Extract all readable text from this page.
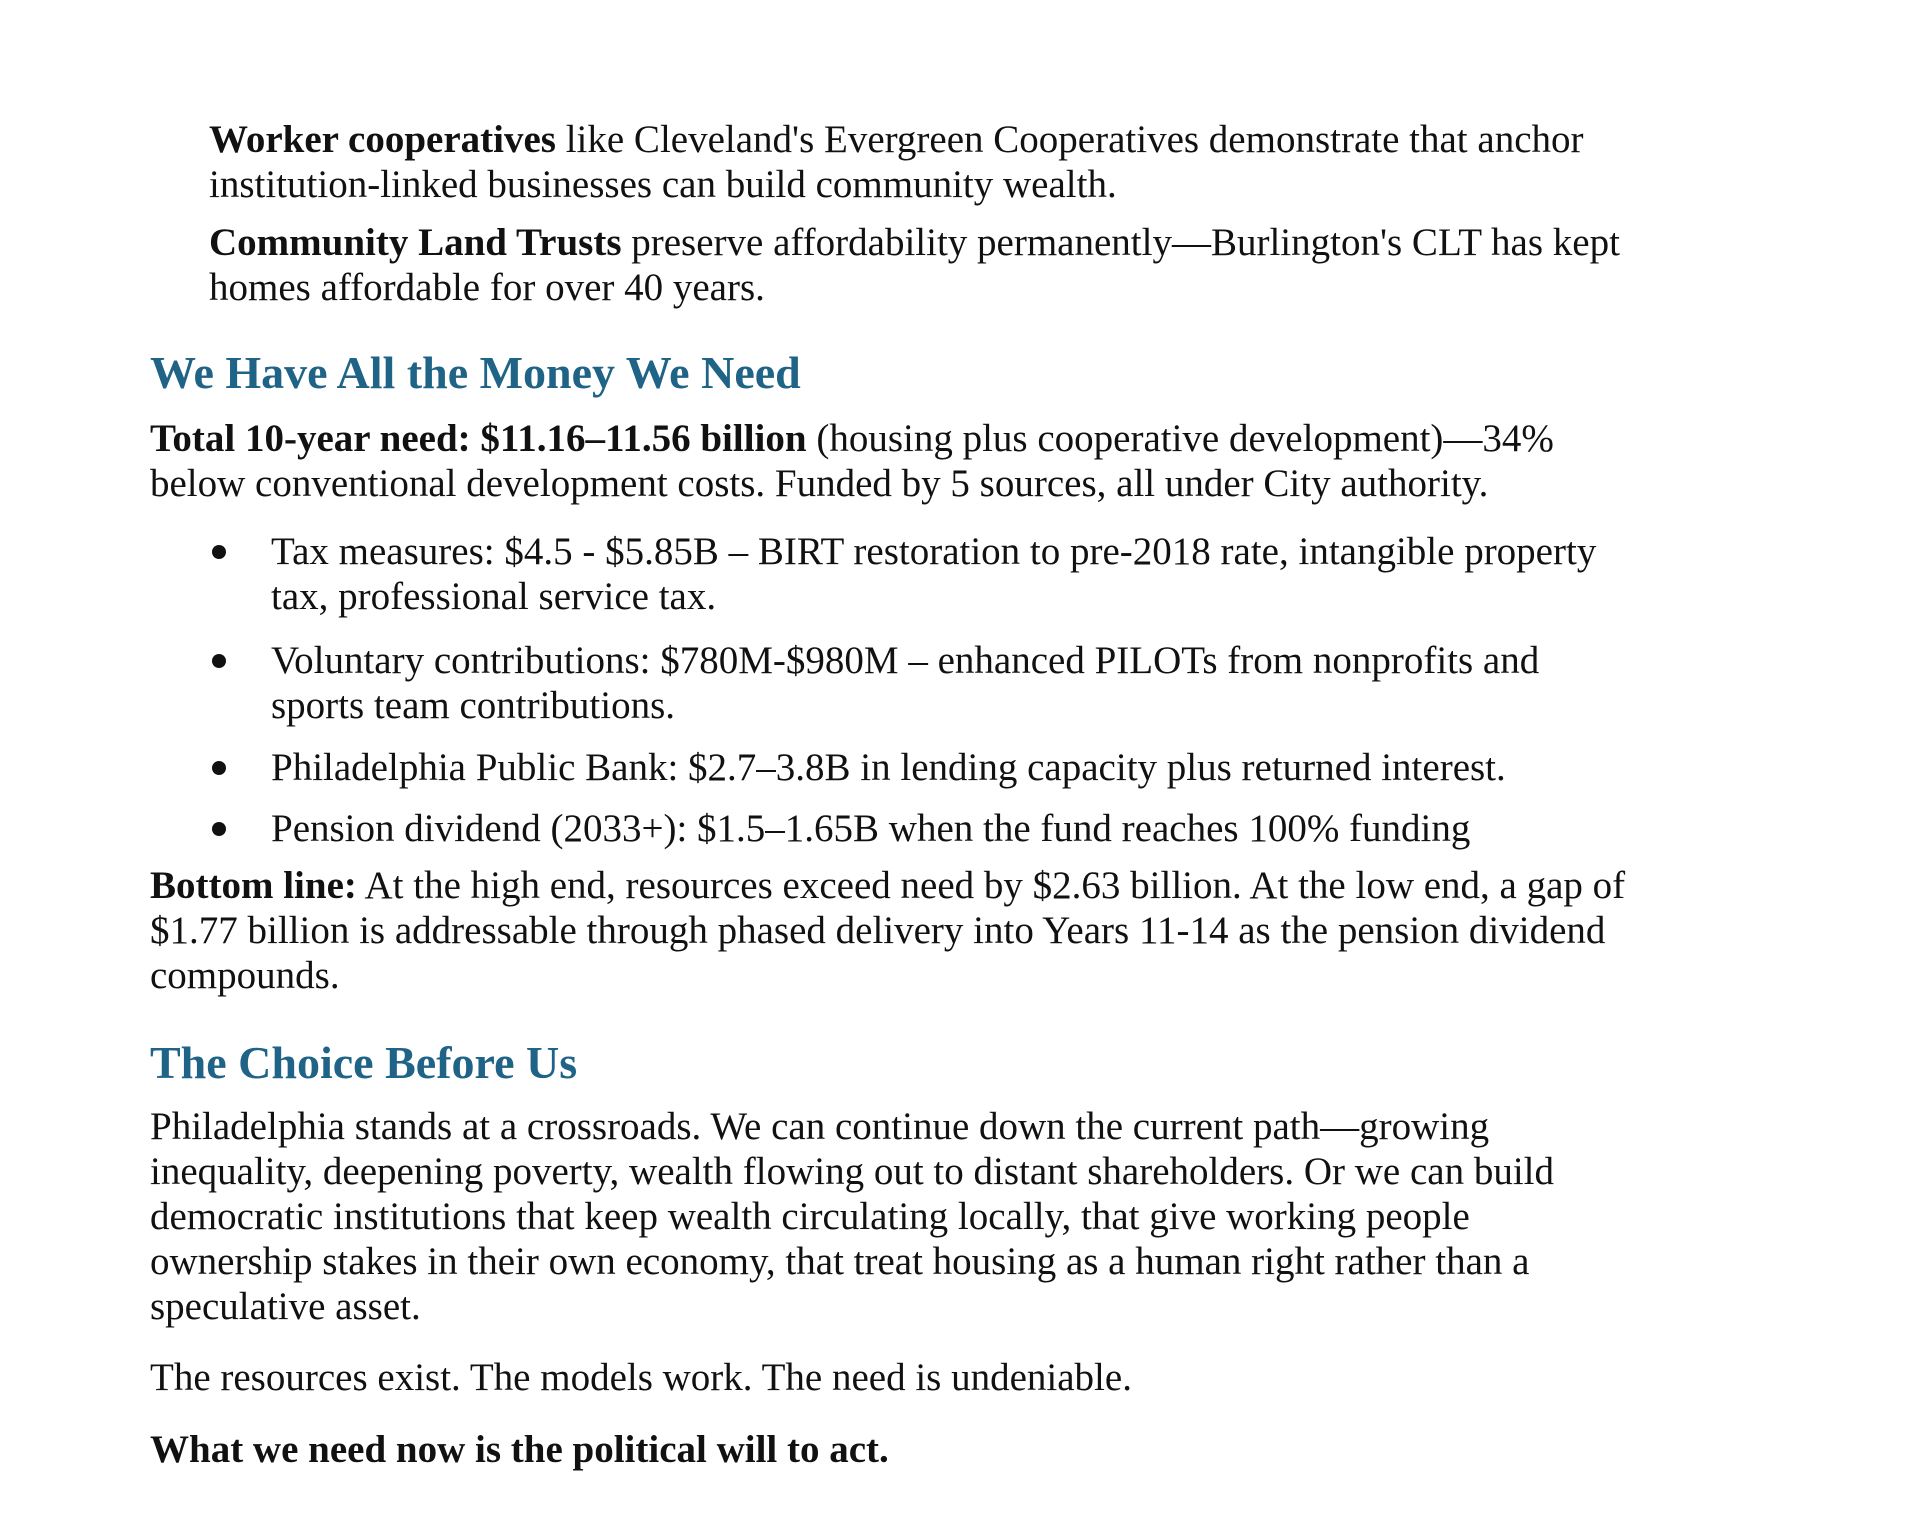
Worker cooperatives like Cleveland's Evergreen Cooperatives demonstrate that anchor
institution-linked businesses can build community wealth.
Community Land Trusts preserve affordability permanently—Burlington's CLT has kept
homes affordable for over 40 years.
We Have All the Money We Need
Total 10-year need: $11.16–11.56 billion (housing plus cooperative development)—34%
below conventional development costs. Funded by 5 sources, all under City authority.
Tax measures: $4.5 - $5.85B – BIRT restoration to pre-2018 rate, intangible property
tax, professional service tax.
Voluntary contributions: $780M-$980M – enhanced PILOTs from nonprofits and
sports team contributions.
Philadelphia Public Bank: $2.7–3.8B in lending capacity plus returned interest.
Pension dividend (2033+): $1.5–1.65B when the fund reaches 100% funding
Bottom line: At the high end, resources exceed need by $2.63 billion. At the low end, a gap of
$1.77 billion is addressable through phased delivery into Years 11-14 as the pension dividend
compounds.
The Choice Before Us
Philadelphia stands at a crossroads. We can continue down the current path—growing
inequality, deepening poverty, wealth flowing out to distant shareholders. Or we can build
democratic institutions that keep wealth circulating locally, that give working people
ownership stakes in their own economy, that treat housing as a human right rather than a
speculative asset.
The resources exist. The models work. The need is undeniable.
What we need now is the political will to act.
